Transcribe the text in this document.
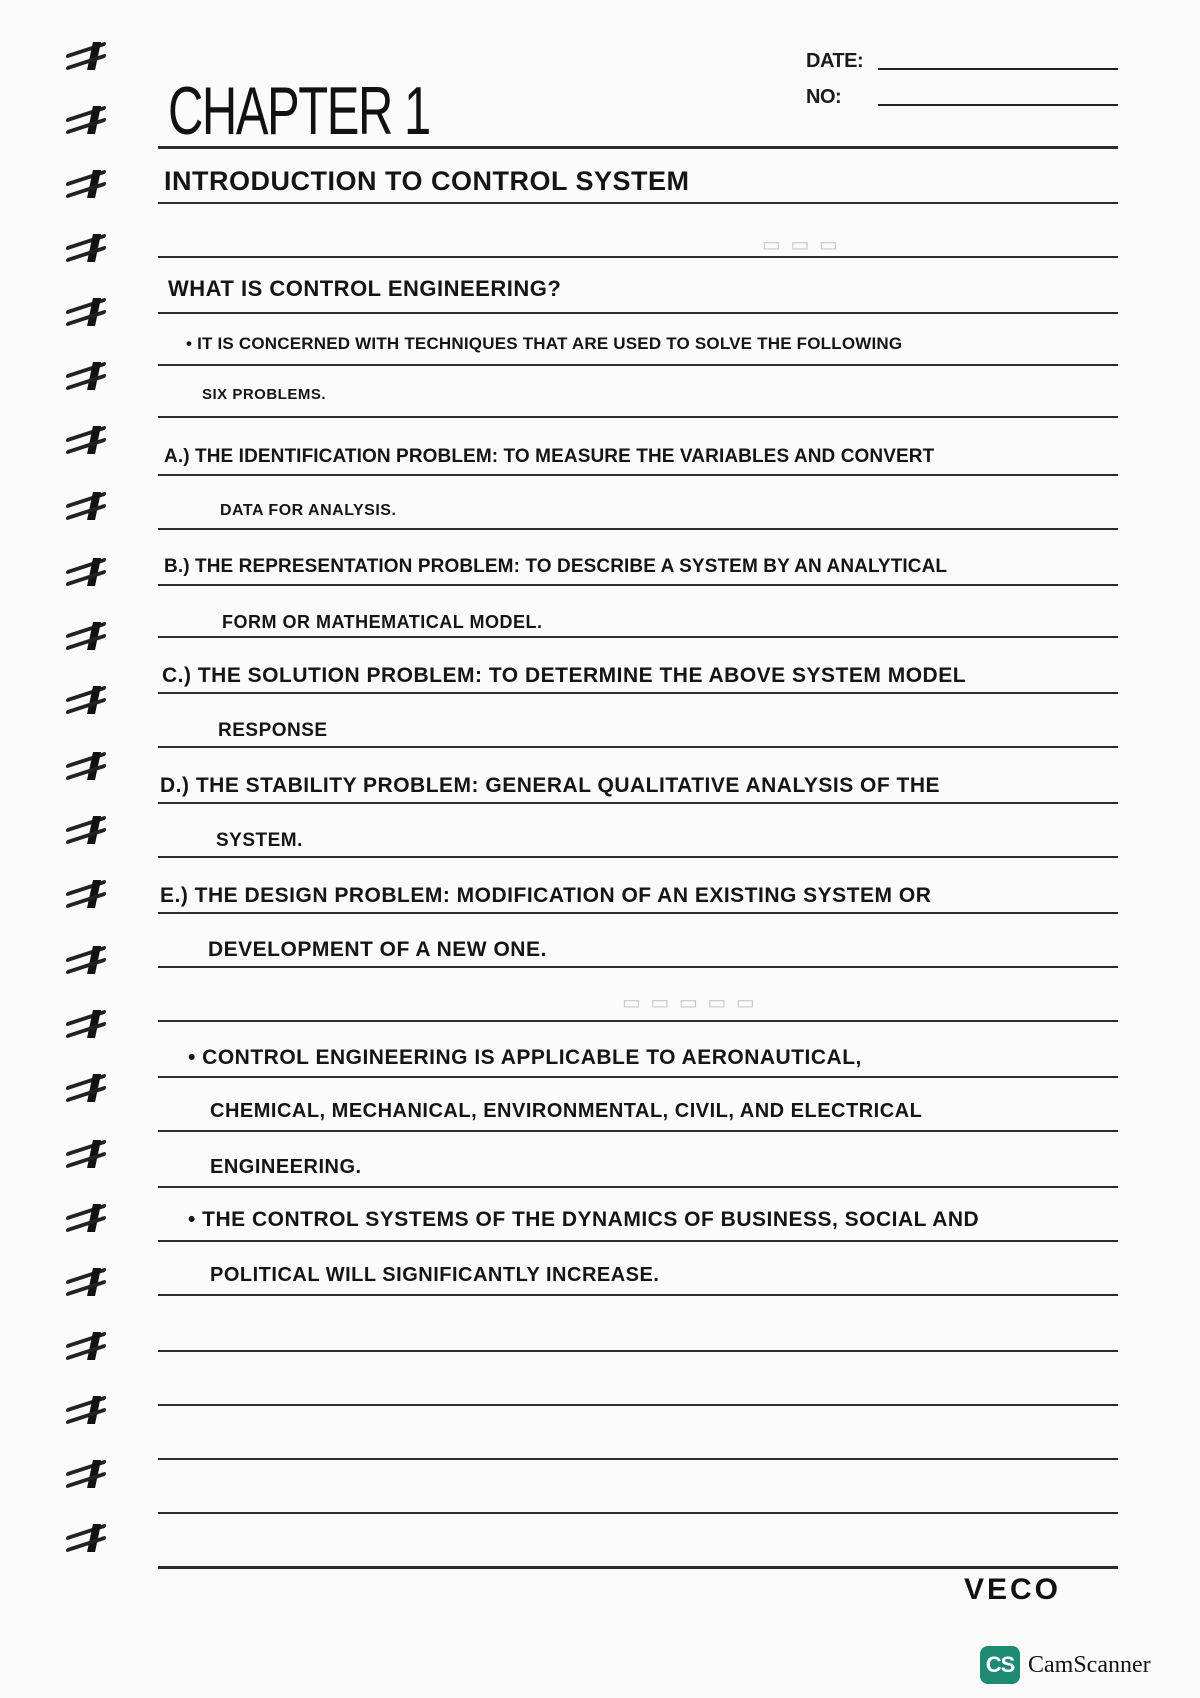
▭ ▭ ▭
▭ ▭ ▭ ▭ ▭
DATE:
NO:
CHAPTER 1
INTRODUCTION TO CONTROL SYSTEM
WHAT IS CONTROL ENGINEERING?
• IT IS CONCERNED WITH TECHNIQUES THAT ARE USED TO SOLVE THE FOLLOWING
SIX PROBLEMS.
A.) THE IDENTIFICATION PROBLEM: TO MEASURE THE VARIABLES AND CONVERT
DATA FOR ANALYSIS.
B.) THE REPRESENTATION PROBLEM: TO DESCRIBE A SYSTEM BY AN ANALYTICAL
FORM OR MATHEMATICAL MODEL.
C.) THE SOLUTION PROBLEM: TO DETERMINE THE ABOVE SYSTEM MODEL
RESPONSE
D.) THE STABILITY PROBLEM: GENERAL QUALITATIVE ANALYSIS OF THE
SYSTEM.
E.) THE DESIGN PROBLEM: MODIFICATION OF AN EXISTING SYSTEM OR
DEVELOPMENT OF A NEW ONE.
• CONTROL ENGINEERING IS APPLICABLE TO AERONAUTICAL,
CHEMICAL, MECHANICAL, ENVIRONMENTAL, CIVIL, AND ELECTRICAL
ENGINEERING.
• THE CONTROL SYSTEMS OF THE DYNAMICS OF BUSINESS, SOCIAL AND
POLITICAL WILL SIGNIFICANTLY INCREASE.
VECO
CS CamScanner
